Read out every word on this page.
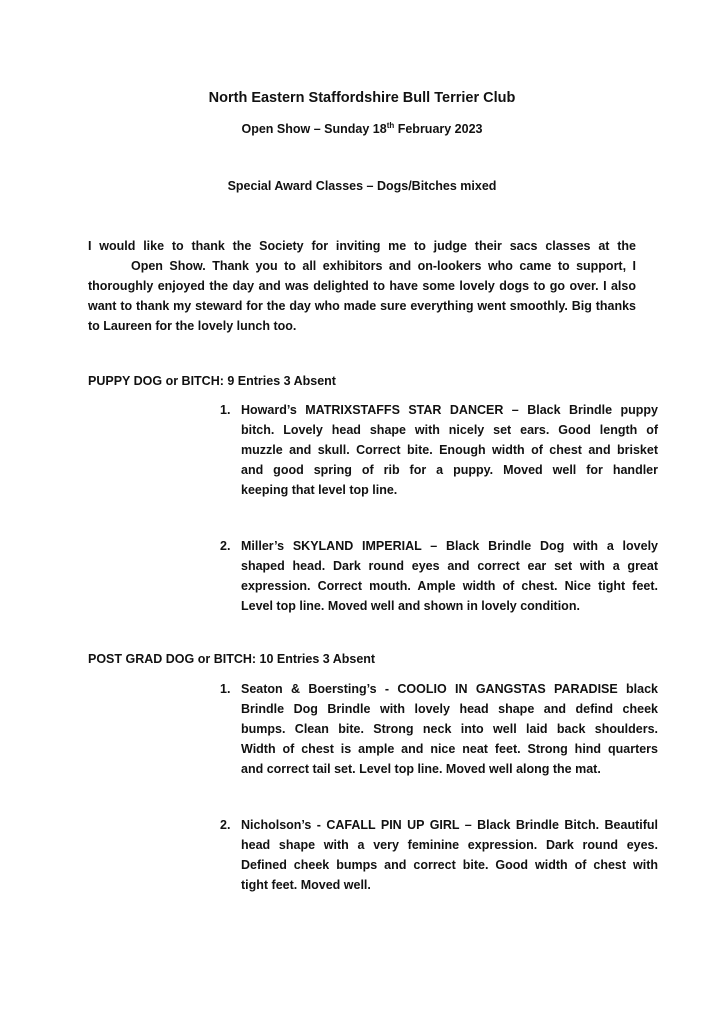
North Eastern Staffordshire Bull Terrier Club
Open Show – Sunday 18th February 2023
Special Award Classes – Dogs/Bitches mixed
I would like to thank the Society for inviting me to judge their sacs classes at the
Open Show. Thank you to all exhibitors and on-lookers who came to support, I
thoroughly enjoyed the day and was delighted to have some lovely dogs to go over. I also
want to thank my steward for the day who made sure everything went smoothly. Big thanks
to Laureen for the lovely lunch too.
PUPPY DOG or BITCH: 9 Entries 3 Absent
1. Howard’s MATRIXSTAFFS STAR DANCER – Black Brindle puppy
bitch. Lovely head shape with nicely set ears. Good length of
muzzle and skull. Correct bite. Enough width of chest and brisket
and good spring of rib for a puppy. Moved well for handler
keeping that level top line.
2. Miller’s SKYLAND IMPERIAL – Black Brindle Dog with a lovely
shaped head. Dark round eyes and correct ear set with a great
expression. Correct mouth. Ample width of chest. Nice tight feet.
Level top line. Moved well and shown in lovely condition.
POST GRAD DOG or BITCH: 10 Entries 3 Absent
1. Seaton & Boersting’s - COOLIO IN GANGSTAS PARADISE black
Brindle Dog Brindle with lovely head shape and defind cheek
bumps. Clean bite. Strong neck into well laid back shoulders.
Width of chest is ample and nice neat feet. Strong hind quarters
and correct tail set. Level top line. Moved well along the mat.
2. Nicholson’s - CAFALL PIN UP GIRL – Black Brindle Bitch. Beautiful
head shape with a very feminine expression. Dark round eyes.
Defined cheek bumps and correct bite. Good width of chest with
tight feet. Moved well.
